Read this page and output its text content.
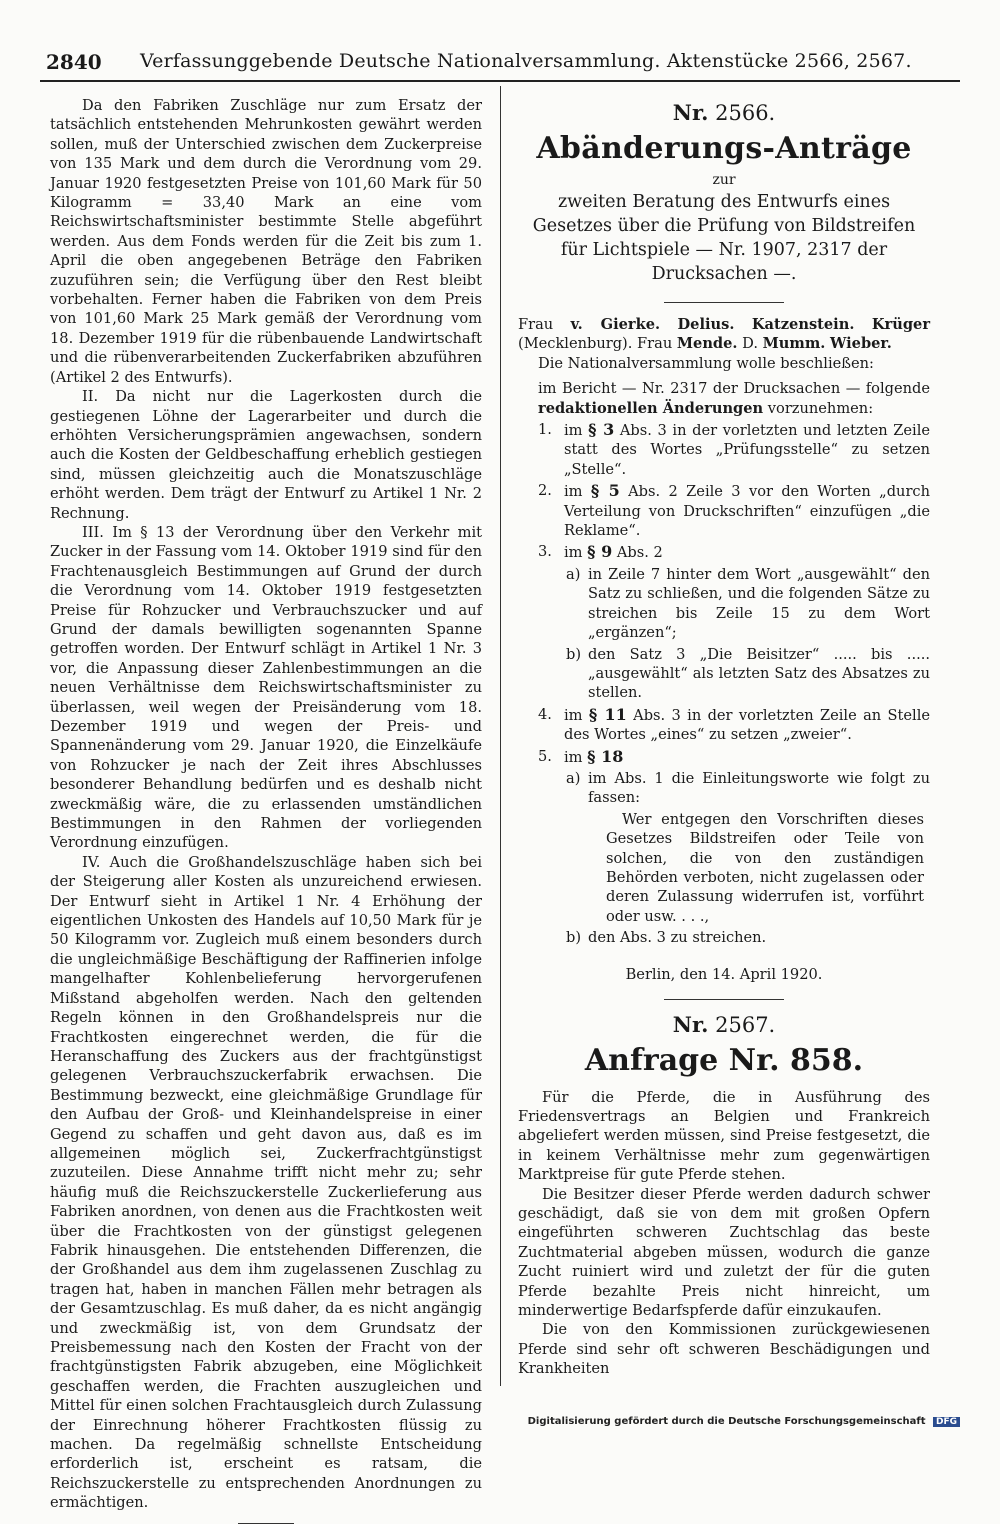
2840 Verfassunggebende Deutsche Nationalversammlung. Aktenstücke 2566, 2567.

Da den Fabriken Zuschläge nur zum Ersatz der tatsächlich entstehenden Mehrunkosten gewährt werden sollen, muß der Unterschied zwischen dem Zuckerpreise von 135 Mark und dem durch die Verordnung vom 29. Januar 1920 festgesetzten Preise von 101,60 Mark für 50 Kilogramm = 33,40 Mark an eine vom Reichswirtschaftsminister bestimmte Stelle abgeführt werden. Aus dem Fonds werden für die Zeit bis zum 1. April die oben angegebenen Beträge den Fabriken zuzuführen sein; die Verfügung über den Rest bleibt vorbehalten. Ferner haben die Fabriken von dem Preis von 101,60 Mark 25 Mark gemäß der Verordnung vom 18. Dezember 1919 für die rübenbauende Landwirtschaft und die rübenverarbeitenden Zuckerfabriken abzuführen (Artikel 2 des Entwurfs).

II. Da nicht nur die Lagerkosten durch die gestiegenen Löhne der Lagerarbeiter und durch die erhöhten Versicherungsprämien angewachsen, sondern auch die Kosten der Geldbeschaffung erheblich gestiegen sind, müssen gleichzeitig auch die Monatszuschläge erhöht werden. Dem trägt der Entwurf zu Artikel 1 Nr. 2 Rechnung.

III. Im § 13 der Verordnung über den Verkehr mit Zucker in der Fassung vom 14. Oktober 1919 sind für den Frachtenausgleich Bestimmungen auf Grund der durch die Verordnung vom 14. Oktober 1919 festgesetzten Preise für Rohzucker und Verbrauchszucker und auf Grund der damals bewilligten sogenannten Spanne getroffen worden. Der Entwurf schlägt in Artikel 1 Nr. 3 vor, die Anpassung dieser Zahlenbestimmungen an die neuen Verhältnisse dem Reichswirtschaftsminister zu überlassen, weil wegen der Preisänderung vom 18. Dezember 1919 und wegen der Preis- und Spannenänderung vom 29. Januar 1920, die Einzelkäufe von Rohzucker je nach der Zeit ihres Abschlusses besonderer Behandlung bedürfen und es deshalb nicht zweckmäßig wäre, die zu erlassenden umständlichen Bestimmungen in den Rahmen der vorliegenden Verordnung einzufügen.

IV. Auch die Großhandelszuschläge haben sich bei der Steigerung aller Kosten als unzureichend erwiesen. Der Entwurf sieht in Artikel 1 Nr. 4 Erhöhung der eigentlichen Unkosten des Handels auf 10,50 Mark für je 50 Kilogramm vor. Zugleich muß einem besonders durch die ungleichmäßige Beschäftigung der Raffinerien infolge mangelhafter Kohlenbelieferung hervorgerufenen Mißstand abgeholfen werden. Nach den geltenden Regeln können in den Großhandelspreis nur die Frachtkosten eingerechnet werden, die für die Heranschaffung des Zuckers aus der frachtgünstigst gelegenen Verbrauchszuckerfabrik erwachsen. Die Bestimmung bezweckt, eine gleichmäßige Grundlage für den Aufbau der Groß- und Kleinhandelspreise in einer Gegend zu schaffen und geht davon aus, daß es im allgemeinen möglich sei, Zuckerfrachtgünstigst zuzuteilen. Diese Annahme trifft nicht mehr zu; sehr häufig muß die Reichszuckerstelle Zuckerlieferung aus Fabriken anordnen, von denen aus die Frachtkosten weit über die Frachtkosten von der günstigst gelegenen Fabrik hinausgehen. Die entstehenden Differenzen, die der Großhandel aus dem ihm zugelassenen Zuschlag zu tragen hat, haben in manchen Fällen mehr betragen als der Gesamtzuschlag. Es muß daher, da es nicht angängig und zweckmäßig ist, von dem Grundsatz der Preisbemessung nach den Kosten der Fracht von der frachtgünstigsten Fabrik abzugeben, eine Möglichkeit geschaffen werden, die Frachten auszugleichen und Mittel für einen solchen Frachtausgleich durch Zulassung der Einrechnung höherer Frachtkosten flüssig zu machen. Da regelmäßig schnellste Entscheidung erforderlich ist, erscheint es ratsam, die Reichszuckerstelle zu entsprechenden Anordnungen zu ermächtigen.

Nr. 2566.
Abänderungs-Anträge
zur
zweiten Beratung des Entwurfs eines Gesetzes über die Prüfung von Bildstreifen für Lichtspiele — Nr. 1907, 2317 der Drucksachen —.

Frau v. Gierke. Delius. Katzenstein. Krüger (Mecklenburg). Frau Mende. D. Mumm. Wieber.

Die Nationalversammlung wolle beschließen:

im Bericht — Nr. 2317 der Drucksachen — folgende redaktionellen Änderungen vorzunehmen:

1. im § 3 Abs. 3 in der vorletzten und letzten Zeile statt des Wortes „Prüfungsstelle“ zu setzen „Stelle“.
2. im § 5 Abs. 2 Zeile 3 vor den Worten „durch Verteilung von Druckschriften“ einzufügen „die Reklame“.
3. im § 9 Abs. 2
a) in Zeile 7 hinter dem Wort „ausgewählt“ den Satz zu schließen, und die folgenden Sätze zu streichen bis Zeile 15 zu dem Wort „ergänzen“;
b) den Satz 3 „Die Beisitzer“ ..... bis ..... „ausgewählt“ als letzten Satz des Absatzes zu stellen.
4. im § 11 Abs. 3 in der vorletzten Zeile an Stelle des Wortes „eines“ zu setzen „zweier“.
5. im § 18
a) im Abs. 1 die Einleitungsworte wie folgt zu fassen:

Wer entgegen den Vorschriften dieses Gesetzes Bildstreifen oder Teile von solchen, die von den zuständigen Behörden verboten, nicht zugelassen oder deren Zulassung widerrufen ist, vorführt oder usw. . . .,

b) den Abs. 3 zu streichen.
Berlin, den 14. April 1920.
Nr. 2567.
Anfrage Nr. 858.

Für die Pferde, die in Ausführung des Friedensvertrags an Belgien und Frankreich abgeliefert werden müssen, sind Preise festgesetzt, die in keinem Verhältnisse mehr zum gegenwärtigen Marktpreise für gute Pferde stehen.

Die Besitzer dieser Pferde werden dadurch schwer geschädigt, daß sie von dem mit großen Opfern eingeführten schweren Zuchtschlag das beste Zuchtmaterial abgeben müssen, wodurch die ganze Zucht ruiniert wird und zuletzt der für die guten Pferde bezahlte Preis nicht hinreicht, um minderwertige Bedarfspferde dafür einzukaufen.

Die von den Kommissionen zurückgewiesenen Pferde sind sehr oft schweren Beschädigungen und Krankheiten

Digitalisierung gefördert durch die Deutsche Forschungsgemeinschaft DFG
